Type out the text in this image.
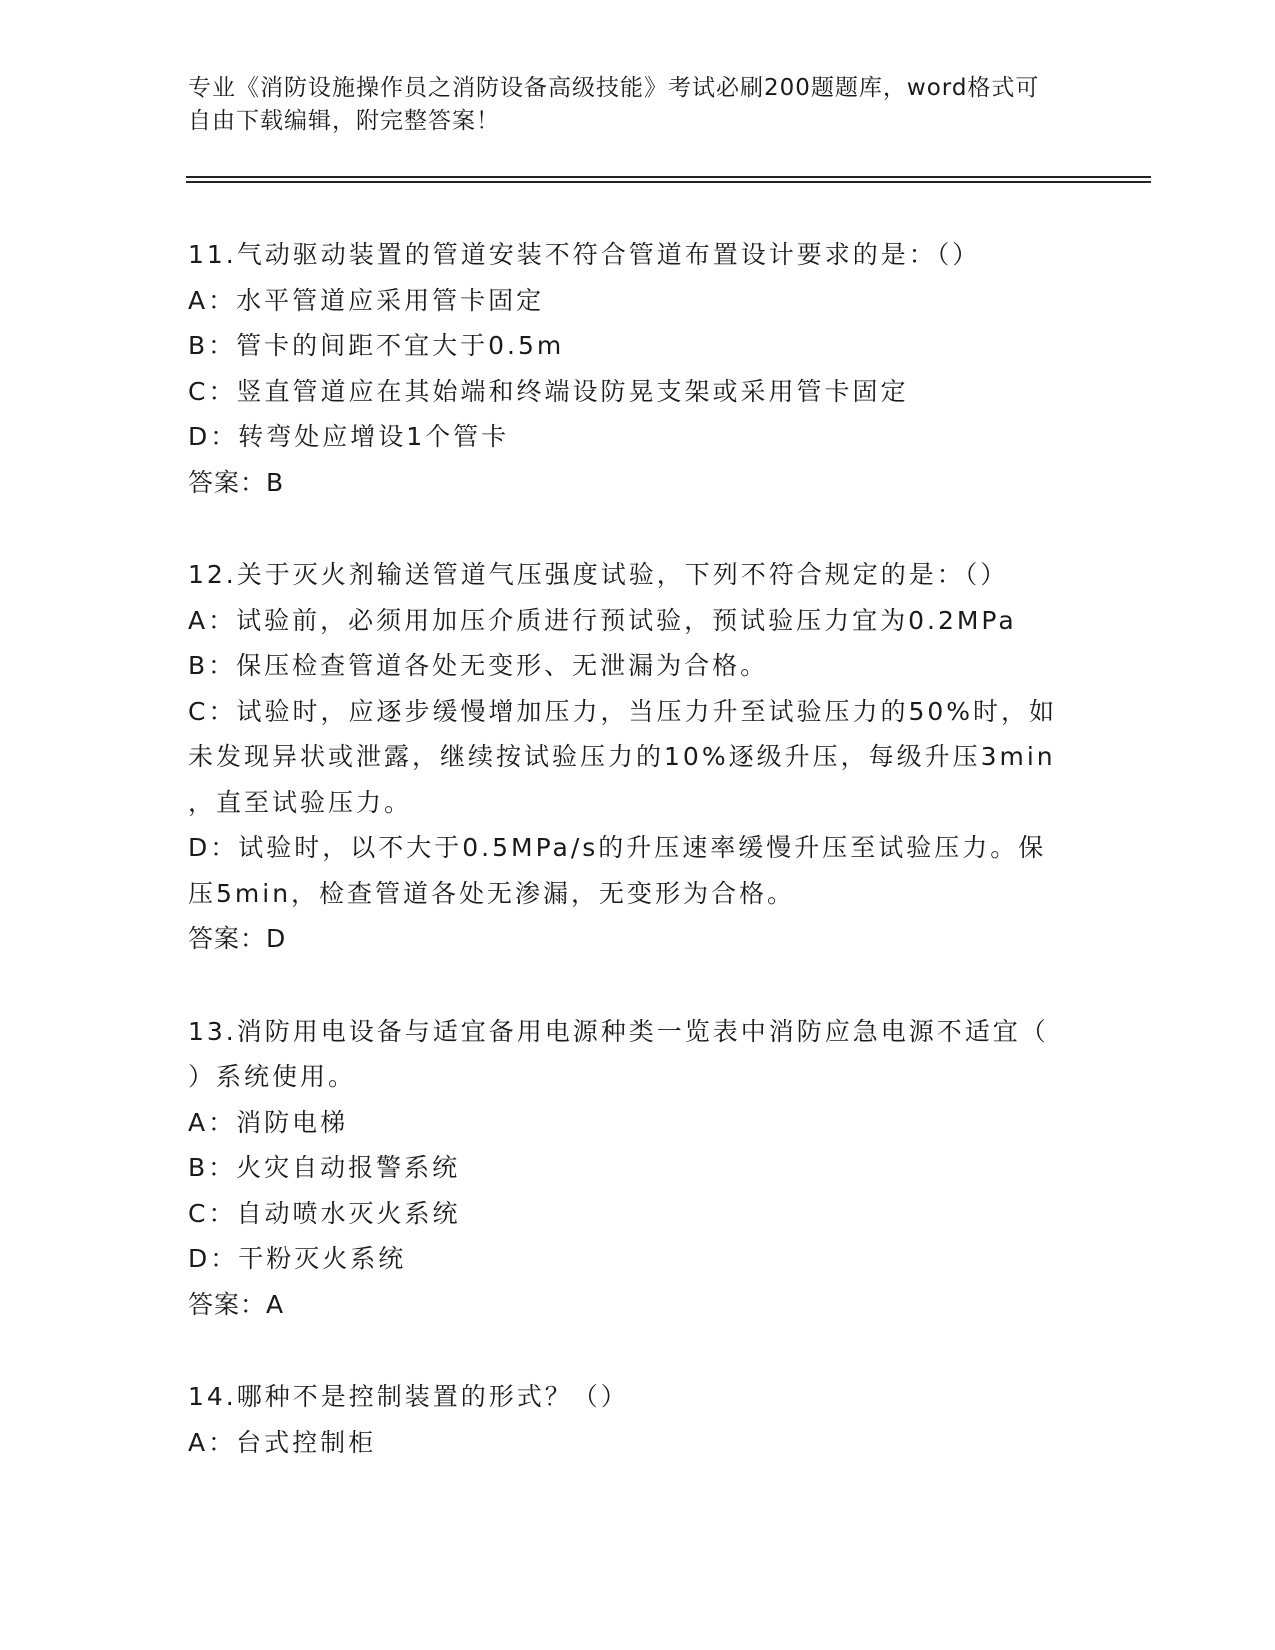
专业《消防设施操作员之消防设备高级技能》考试必刷200题题库，word格式可
自由下载编辑，附完整答案！
11.气动驱动装置的管道安装不符合管道布置设计要求的是：（）
A：水平管道应采用管卡固定
B：管卡的间距不宜大于0.5m
C：竖直管道应在其始端和终端设防晃支架或采用管卡固定
D：转弯处应增设1个管卡
答案：B
12.关于灭火剂输送管道气压强度试验，下列不符合规定的是：（）
A：试验前，必须用加压介质进行预试验，预试验压力宜为0.2MPa
B：保压检查管道各处无变形、无泄漏为合格。
C：试验时，应逐步缓慢增加压力，当压力升至试验压力的50%时，如
未发现异状或泄露，继续按试验压力的10%逐级升压，每级升压3min
，直至试验压力。
D：试验时，以不大于0.5MPa/s的升压速率缓慢升压至试验压力。保
压5min，检查管道各处无渗漏，无变形为合格。
答案：D
13.消防用电设备与适宜备用电源种类一览表中消防应急电源不适宜（
）系统使用。
A：消防电梯
B：火灾自动报警系统
C：自动喷水灭火系统
D：干粉灭火系统
答案：A
14.哪种不是控制装置的形式？（）
A：台式控制柜
